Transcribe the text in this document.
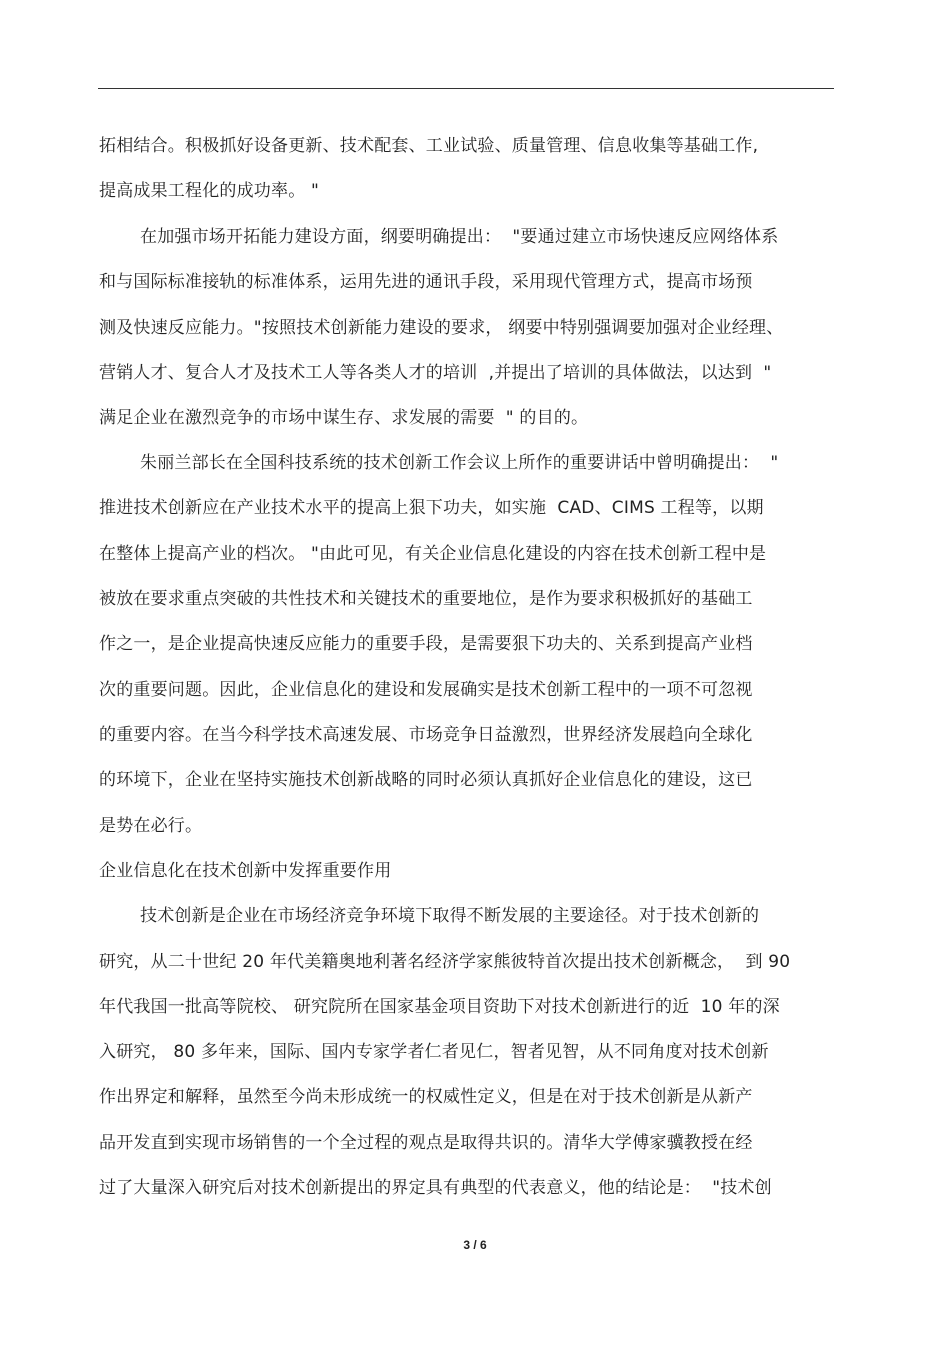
拓相结合。积极抓好设备更新、技术配套、工业试验、质量管理、信息收集等基础工作,
提高成果工程化的成功率。 "
在加强市场开拓能力建设方面，纲要明确提出：  "要通过建立市场快速反应网络体系
和与国际标准接轨的标准体系，运用先进的通讯手段，采用现代管理方式，提高市场预
测及快速反应能力。"按照技术创新能力建设的要求， 纲要中特别强调要加强对企业经理、
营销人才、复合人才及技术工人等各类人才的培训  ,并提出了培训的具体做法，以达到  "
满足企业在激烈竞争的市场中谋生存、求发展的需要  " 的目的。
朱丽兰部长在全国科技系统的技术创新工作会议上所作的重要讲话中曾明确提出：  "
推进技术创新应在产业技术水平的提高上狠下功夫，如实施  CAD、CIMS 工程等，以期
在整体上提高产业的档次。 "由此可见，有关企业信息化建设的内容在技术创新工程中是
被放在要求重点突破的共性技术和关键技术的重要地位，是作为要求积极抓好的基础工
作之一，是企业提高快速反应能力的重要手段，是需要狠下功夫的、关系到提高产业档
次的重要问题。因此，企业信息化的建设和发展确实是技术创新工程中的一项不可忽视
的重要内容。在当今科学技术高速发展、市场竞争日益激烈，世界经济发展趋向全球化
的环境下，企业在坚持实施技术创新战略的同时必须认真抓好企业信息化的建设，这已
是势在必行。
企业信息化在技术创新中发挥重要作用
技术创新是企业在市场经济竞争环境下取得不断发展的主要途径。对于技术创新的
研究，从二十世纪 20 年代美籍奥地利著名经济学家熊彼特首次提出技术创新概念，  到 90
年代我国一批高等院校、 研究院所在国家基金项目资助下对技术创新进行的近  10 年的深
入研究， 80 多年来，国际、国内专家学者仁者见仁，智者见智，从不同角度对技术创新
作出界定和解释，虽然至今尚未形成统一的权威性定义，但是在对于技术创新是从新产
品开发直到实现市场销售的一个全过程的观点是取得共识的。清华大学傅家骥教授在经
过了大量深入研究后对技术创新提出的界定具有典型的代表意义，他的结论是：  "技术创
3 / 6
